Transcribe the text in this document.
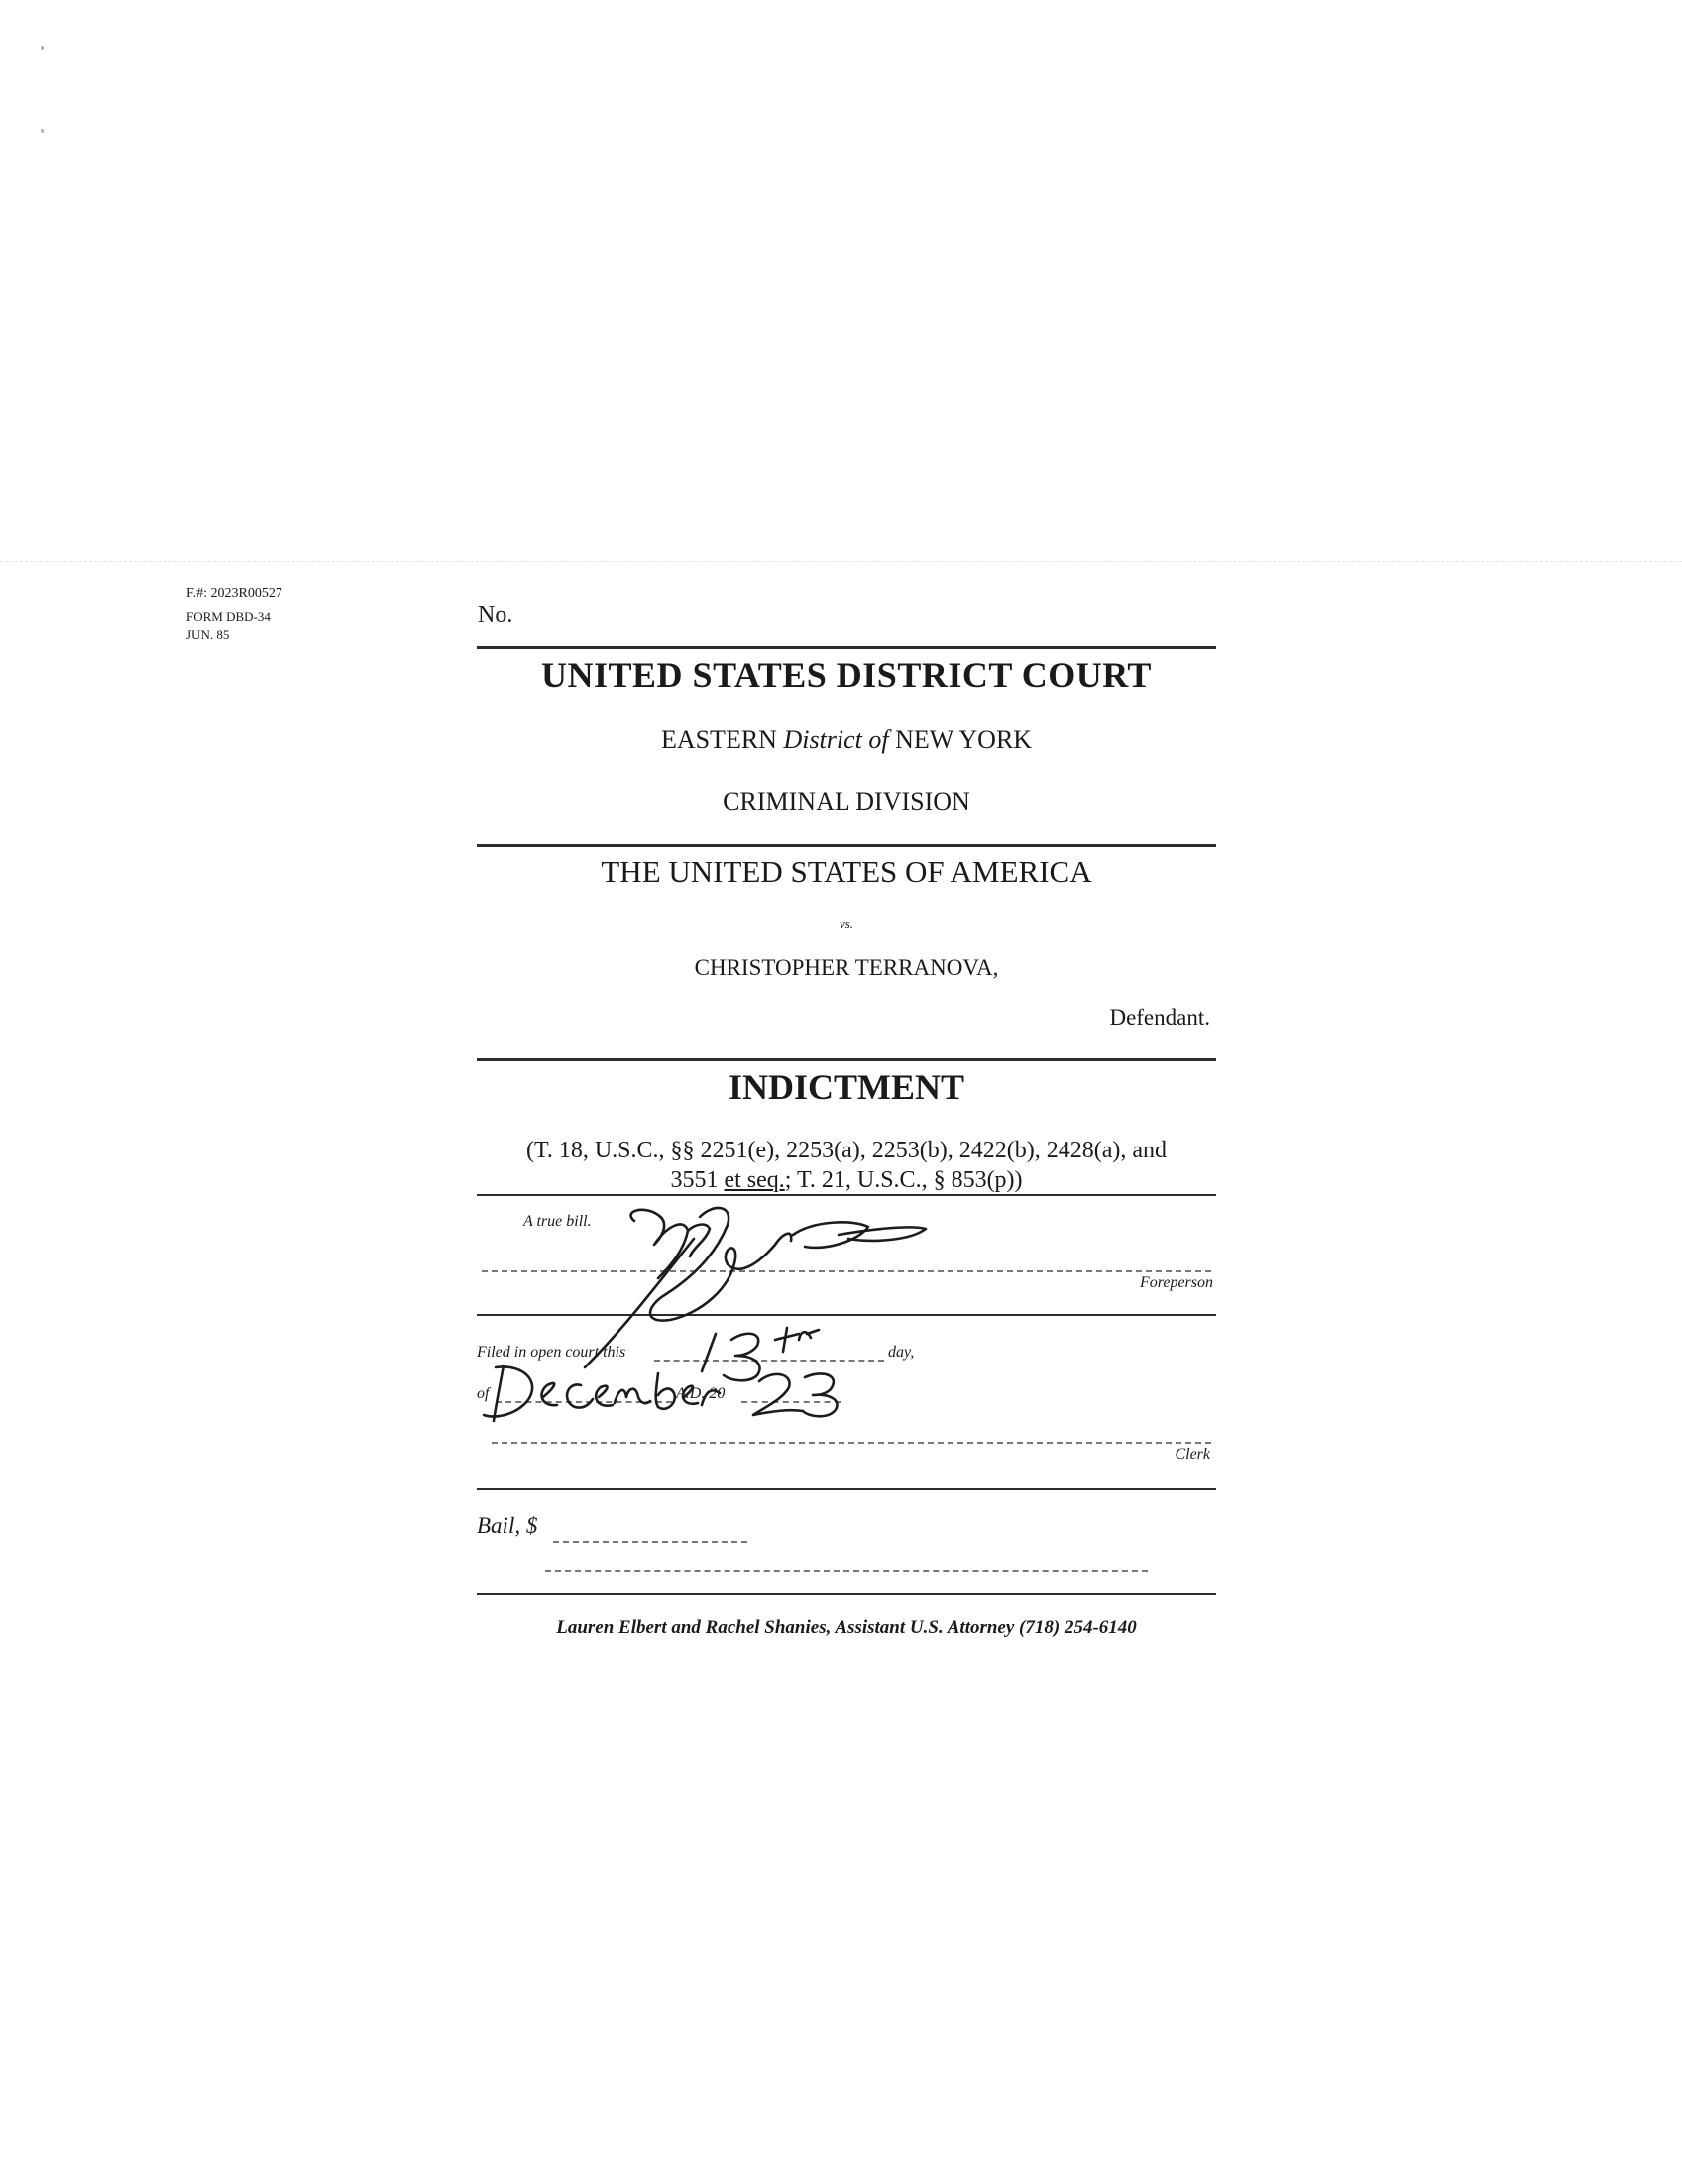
F.#: 2023R00527
FORM DBD-34
JUN. 85
No.
UNITED STATES DISTRICT COURT
EASTERN District of NEW YORK
CRIMINAL DIVISION
THE UNITED STATES OF AMERICA
vs.
CHRISTOPHER TERRANOVA,
Defendant.
INDICTMENT
(T. 18, U.S.C., §§ 2251(e), 2253(a), 2253(b), 2422(b), 2428(a), and
3551 et seq.; T. 21, U.S.C., § 853(p))
A true bill.
Foreperson
Filed in open court this	day,
of	A.D. 20
Clerk
Bail, $
Lauren Elbert and Rachel Shanies, Assistant U.S. Attorney (718) 254-6140
